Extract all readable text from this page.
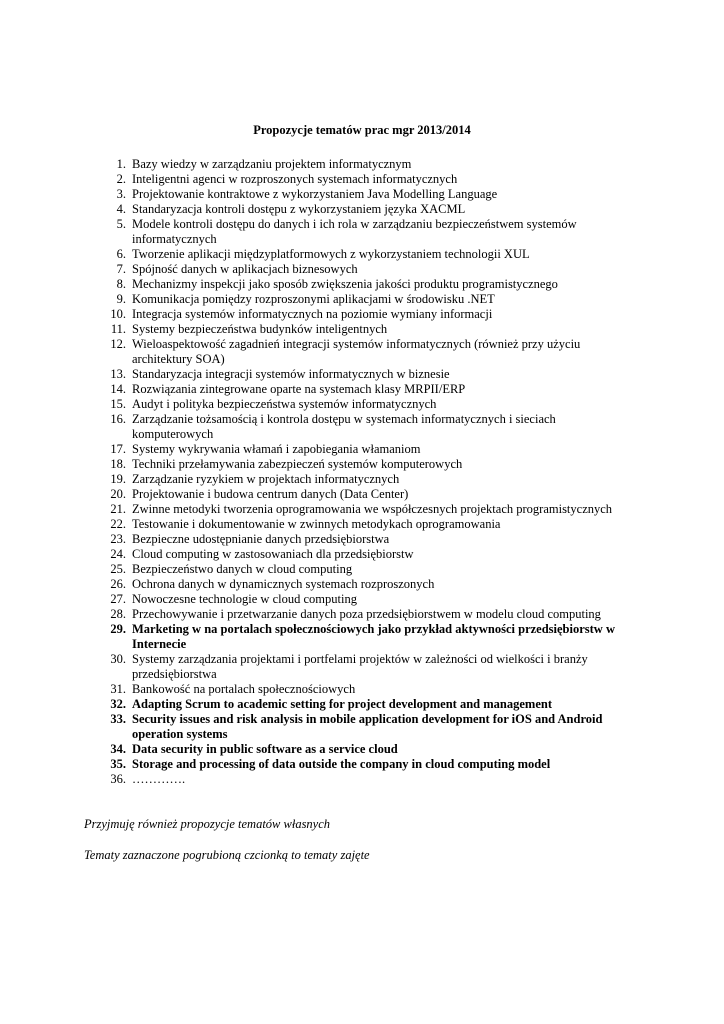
Propozycje tematów prac mgr 2013/2014
1. Bazy wiedzy w zarządzaniu projektem informatycznym
2. Inteligentni agenci w rozproszonych systemach informatycznych
3. Projektowanie kontraktowe z wykorzystaniem Java Modelling Language
4. Standaryzacja kontroli dostępu z wykorzystaniem języka XACML
5. Modele kontroli dostępu do danych i ich rola w zarządzaniu bezpieczeństwem systemów informatycznych
6. Tworzenie aplikacji międzyplatformowych z wykorzystaniem technologii XUL
7. Spójność danych w aplikacjach biznesowych
8. Mechanizmy inspekcji jako sposób zwiększenia jakości produktu programistycznego
9. Komunikacja pomiędzy rozproszonymi aplikacjami w środowisku .NET
10. Integracja systemów informatycznych na poziomie wymiany informacji
11. Systemy bezpieczeństwa budynków inteligentnych
12. Wieloaspektowość zagadnień integracji systemów informatycznych (również przy użyciu architektury SOA)
13. Standaryzacja integracji systemów informatycznych w biznesie
14. Rozwiązania zintegrowane oparte na systemach klasy MRPII/ERP
15. Audyt i polityka bezpieczeństwa systemów informatycznych
16. Zarządzanie tożsamością i kontrola dostępu w systemach informatycznych i sieciach komputerowych
17. Systemy wykrywania włamań i zapobiegania włamaniom
18. Techniki przełamywania zabezpieczeń systemów komputerowych
19. Zarządzanie ryzykiem w projektach informatycznych
20. Projektowanie i budowa centrum danych (Data Center)
21. Zwinne metodyki tworzenia oprogramowania we współczesnych projektach programistycznych
22. Testowanie i dokumentowanie w zwinnych metodykach oprogramowania
23. Bezpieczne udostępnianie danych przedsiębiorstwa
24. Cloud computing w zastosowaniach dla przedsiębiorstw
25. Bezpieczeństwo danych w cloud computing
26. Ochrona danych w dynamicznych systemach rozproszonych
27. Nowoczesne technologie w cloud computing
28. Przechowywanie i przetwarzanie danych poza przedsiębiorstwem w modelu cloud computing
29. Marketing w na portalach społecznościowych jako przykład aktywności przedsiębiorstw w Internecie
30. Systemy zarządzania projektami i portfelami projektów w zależności od wielkości i branży przedsiębiorstwa
31. Bankowość na portalach społecznościowych
32. Adapting Scrum to academic setting for project development and management
33. Security issues and risk analysis in mobile application development for iOS and Android operation systems
34. Data security in public software as a service cloud
35. Storage and processing of data outside the company in cloud computing model
36. ………….
Przyjmuję również propozycje tematów własnych
Tematy zaznaczone pogrubioną czcionką to tematy zajęte
